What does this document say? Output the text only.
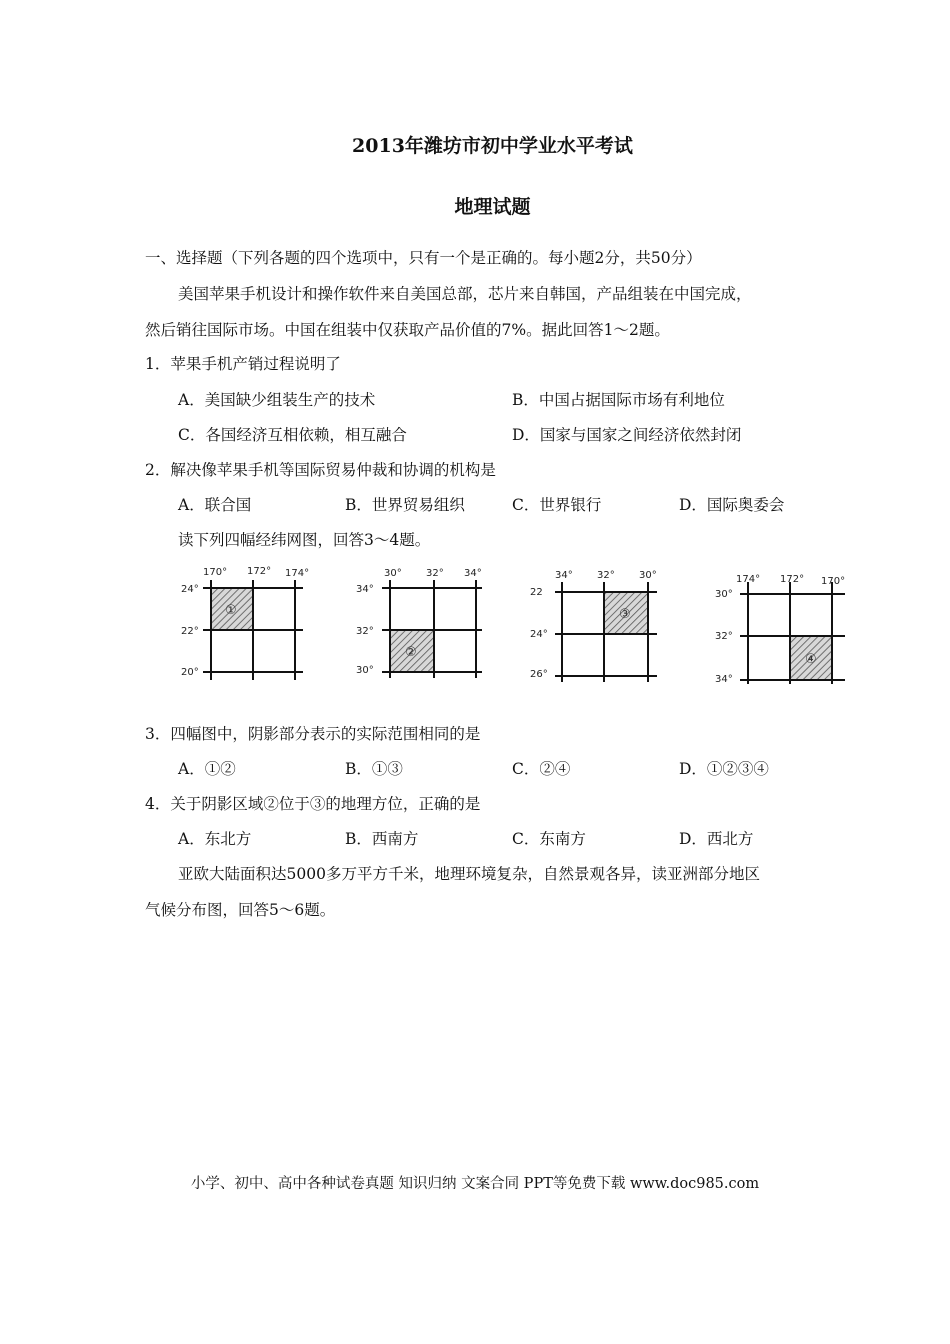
2013年潍坊市初中学业水平考试
地理试题
一、选择题（下列各题的四个选项中，只有一个是正确的。每小题2分，共50分）
美国苹果手机设计和操作软件来自美国总部，芯片来自韩国，产品组装在中国完成，
然后销往国际市场。中国在组装中仅获取产品价值的7%。据此回答1～2题。
1．苹果手机产销过程说明了
A．美国缺少组装生产的技术	B．中国占据国际市场有利地位
C．各国经济互相依赖，相互融合	D．国家与国家之间经济依然封闭
2．解决像苹果手机等国际贸易仲裁和协调的机构是
A．联合国	B．世界贸易组织	C．世界银行	D．国际奥委会
读下列四幅经纬网图，回答3～4题。
170° 172° 174°
24°
22°
20°
①
30° 32° 34°
34°
32°
30°
②
34° 32° 30°
22
24°
26°
③
174° 172° 170°
30°
32°
34°
④
3．四幅图中，阴影部分表示的实际范围相同的是
A．①②	B．①③	C．②④	D．①②③④
4．关于阴影区域②位于③的地理方位，正确的是
A．东北方	B．西南方	C．东南方	D．西北方
亚欧大陆面积达5000多万平方千米，地理环境复杂，自然景观各异，读亚洲部分地区
气候分布图，回答5～6题。
小学、初中、高中各种试卷真题 知识归纳 文案合同 PPT等免费下载 www.doc985.com
